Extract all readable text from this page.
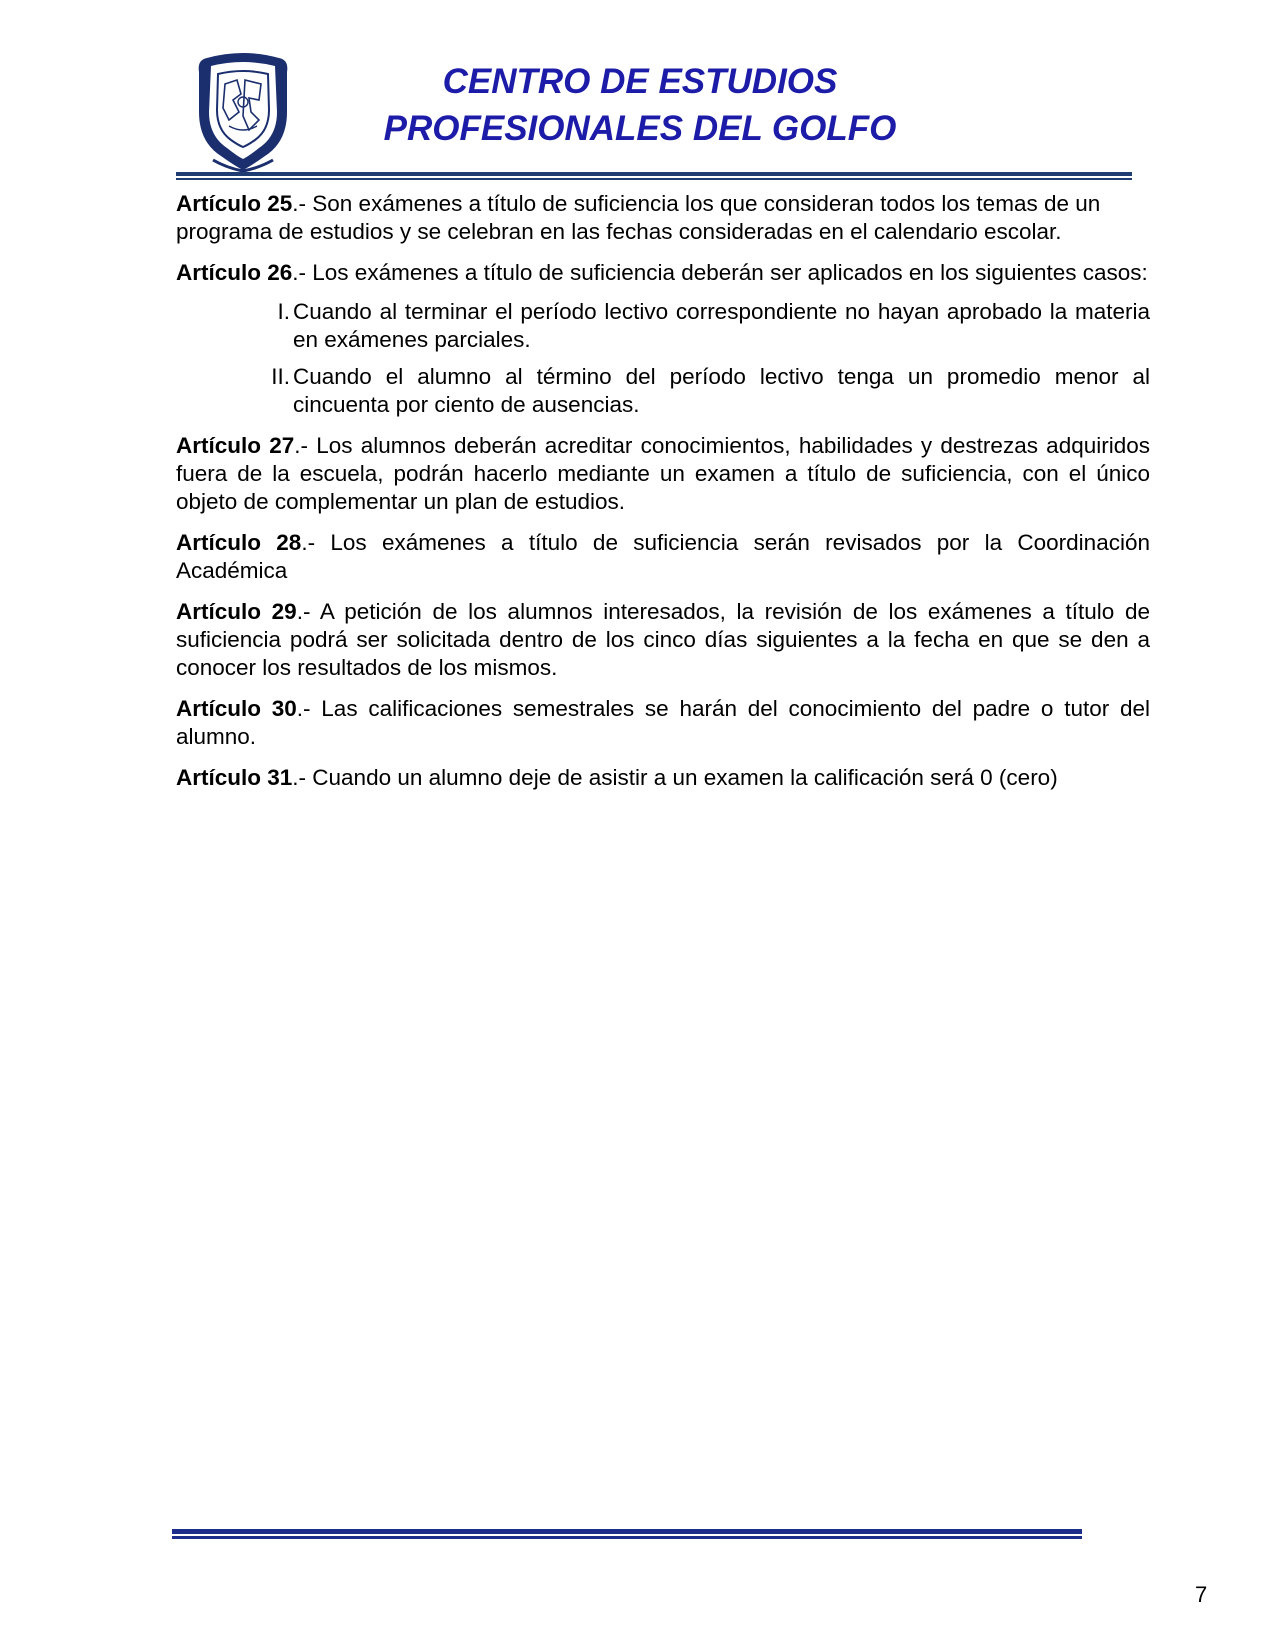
CENTRO DE ESTUDIOS
PROFESIONALES DEL GOLFO

Artículo 25.- Son exámenes a título de suficiencia los que consideran todos los temas de un programa de estudios y se celebran en las fechas consideradas en el calendario escolar.

Artículo 26.- Los exámenes a título de suficiencia deberán ser aplicados en los siguientes casos:

I. Cuando al terminar el período lectivo correspondiente no hayan aprobado la materia en exámenes parciales.
II. Cuando el alumno al término del período lectivo tenga un promedio menor al cincuenta por ciento de ausencias.

Artículo 27.- Los alumnos deberán acreditar conocimientos, habilidades y destrezas adquiridos fuera de la escuela, podrán hacerlo mediante un examen a título de suficiencia, con el único objeto de complementar un plan de estudios.

Artículo 28.- Los exámenes a título de suficiencia serán revisados por la Coordinación Académica

Artículo 29.- A petición de los alumnos interesados, la revisión de los exámenes a título de suficiencia podrá ser solicitada dentro de los cinco días siguientes a la fecha en que se den a conocer los resultados de los mismos.

Artículo 30.- Las calificaciones semestrales se harán del conocimiento del padre o tutor del alumno.

Artículo 31.- Cuando un alumno deje de asistir a un examen la calificación será 0 (cero)

7
